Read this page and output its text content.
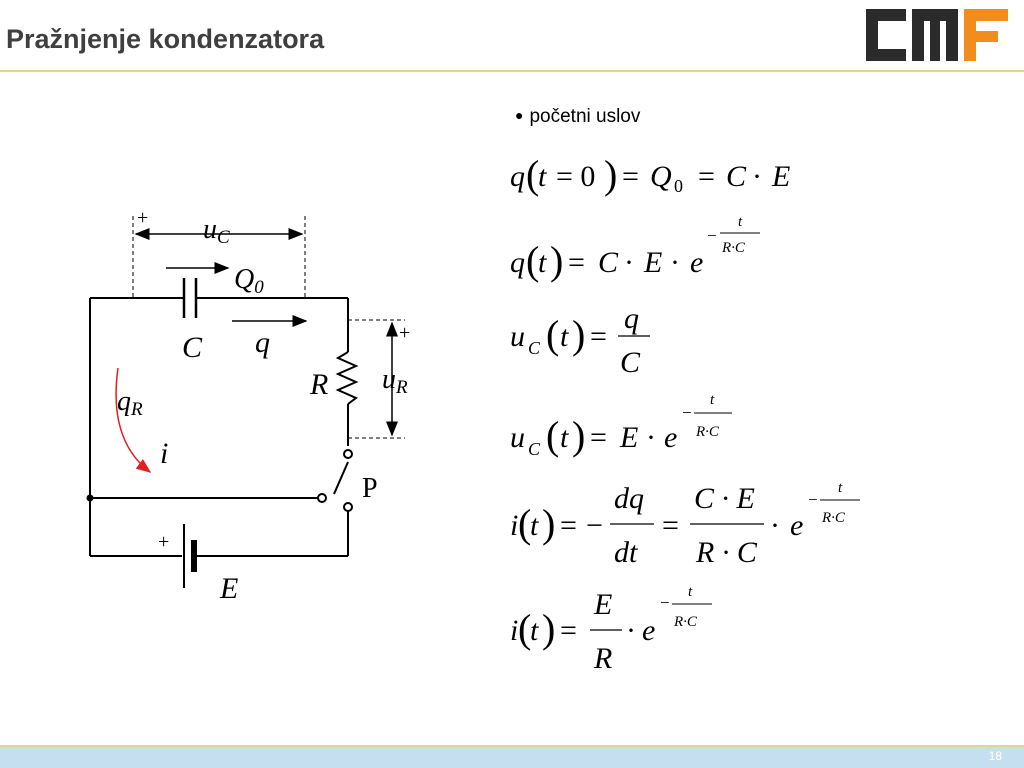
Pražnjenje kondenzatora
● početni uslov
+
+
+
uC
Q0
C q
R uR
qR
i
P
E
q (
t = 0 ) = Q 0 = C · E
q (
t ) = C · E · e
−
t
R·C
u C ( t ) =
q
C
u C ( t ) = E · e
−
t
R·C
i (
t ) = −
dq
dt
=
C · E
R · C
· e
−
t
R·C
i (
t ) =
E
R
· e
−
t
R·C
18
